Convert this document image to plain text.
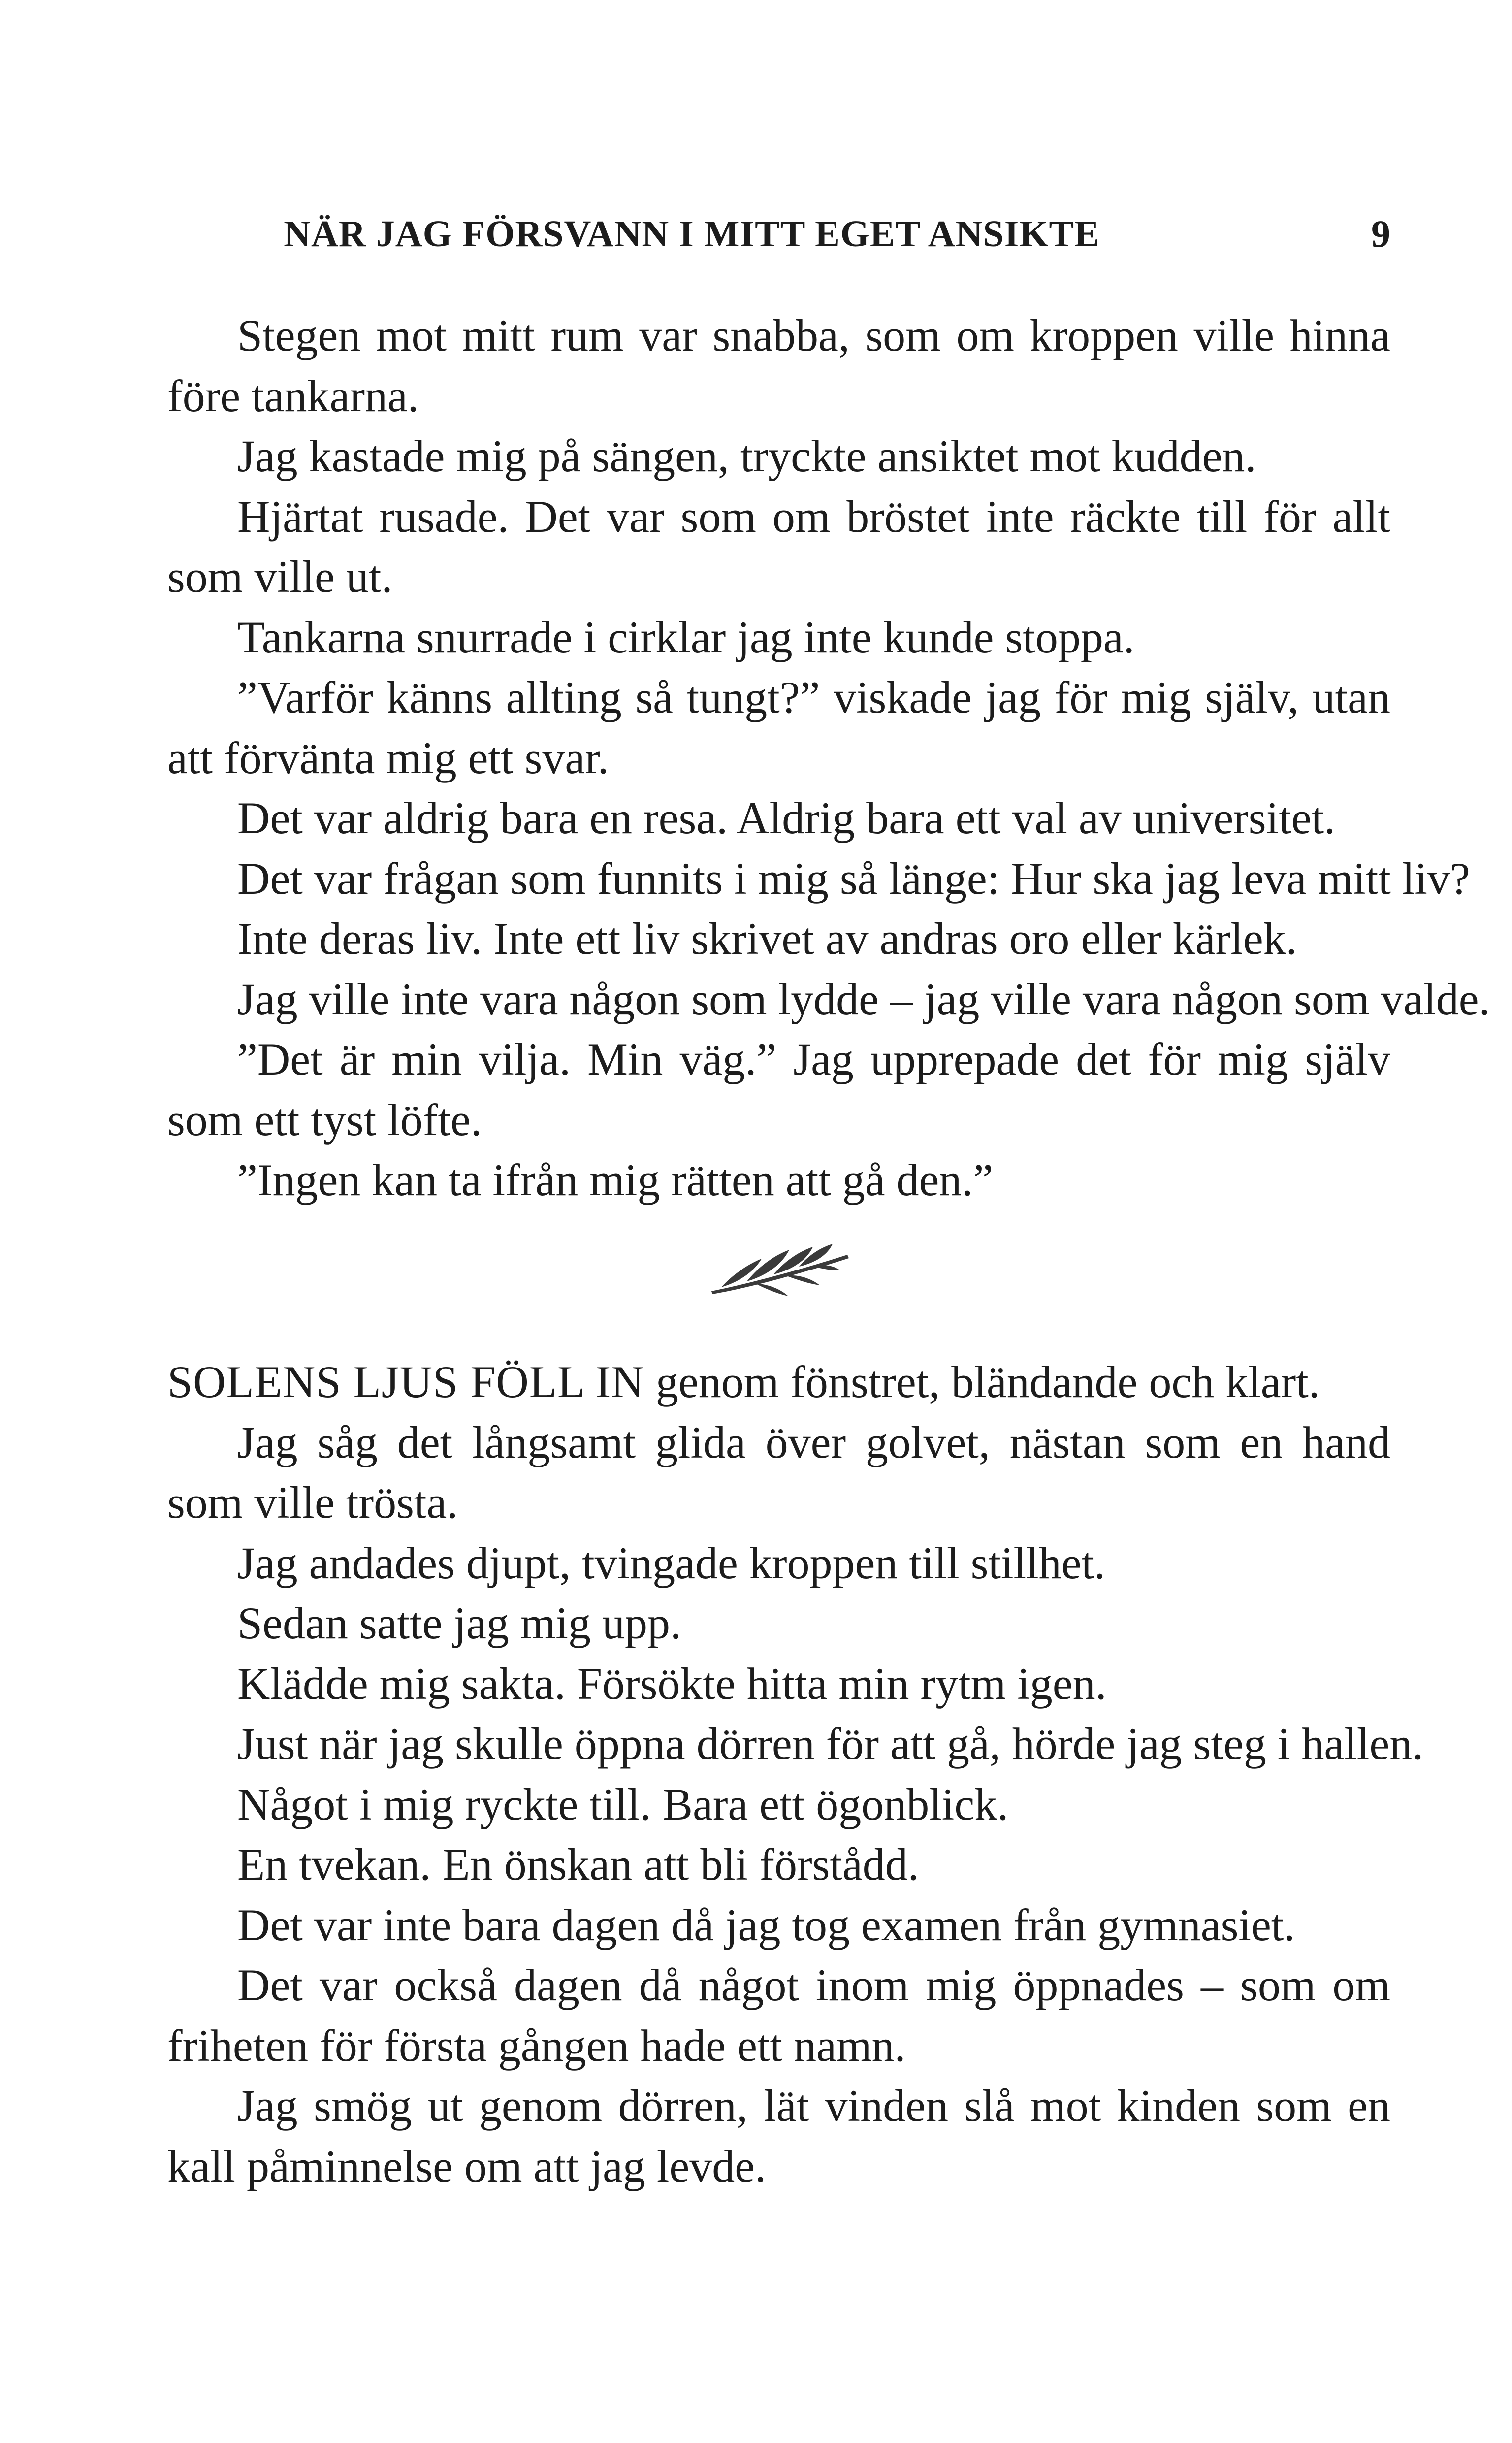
NÄR JAG FÖRSVANN I MITT EGET ANSIKTE	9

Stegen mot mitt rum var snabba, som om kroppen ville hinna före tankarna.

Jag kastade mig på sängen, tryckte ansiktet mot kudden.

Hjärtat rusade. Det var som om bröstet inte räckte till för allt som ville ut.

Tankarna snurrade i cirklar jag inte kunde stoppa.

”Varför känns allting så tungt?” viskade jag för mig själv, utan att förvänta mig ett svar.

Det var aldrig bara en resa. Aldrig bara ett val av universitet.

Det var frågan som funnits i mig så länge: Hur ska jag leva mitt liv?

Inte deras liv. Inte ett liv skrivet av andras oro eller kärlek.

Jag ville inte vara någon som lydde – jag ville vara någon som valde.

”Det är min vilja. Min väg.” Jag upprepade det för mig själv som ett tyst löfte.

”Ingen kan ta ifrån mig rätten att gå den.”

SOLENS LJUS FÖLL IN genom fönstret, bländande och klart.

Jag såg det långsamt glida över golvet, nästan som en hand som ville trösta.

Jag andades djupt, tvingade kroppen till stillhet.

Sedan satte jag mig upp.

Klädde mig sakta. Försökte hitta min rytm igen.

Just när jag skulle öppna dörren för att gå, hörde jag steg i hallen.

Något i mig ryckte till. Bara ett ögonblick.

En tvekan. En önskan att bli förstådd.

Det var inte bara dagen då jag tog examen från gymnasiet.

Det var också dagen då något inom mig öppnades – som om friheten för första gången hade ett namn.

Jag smög ut genom dörren, lät vinden slå mot kinden som en kall påminnelse om att jag levde.
